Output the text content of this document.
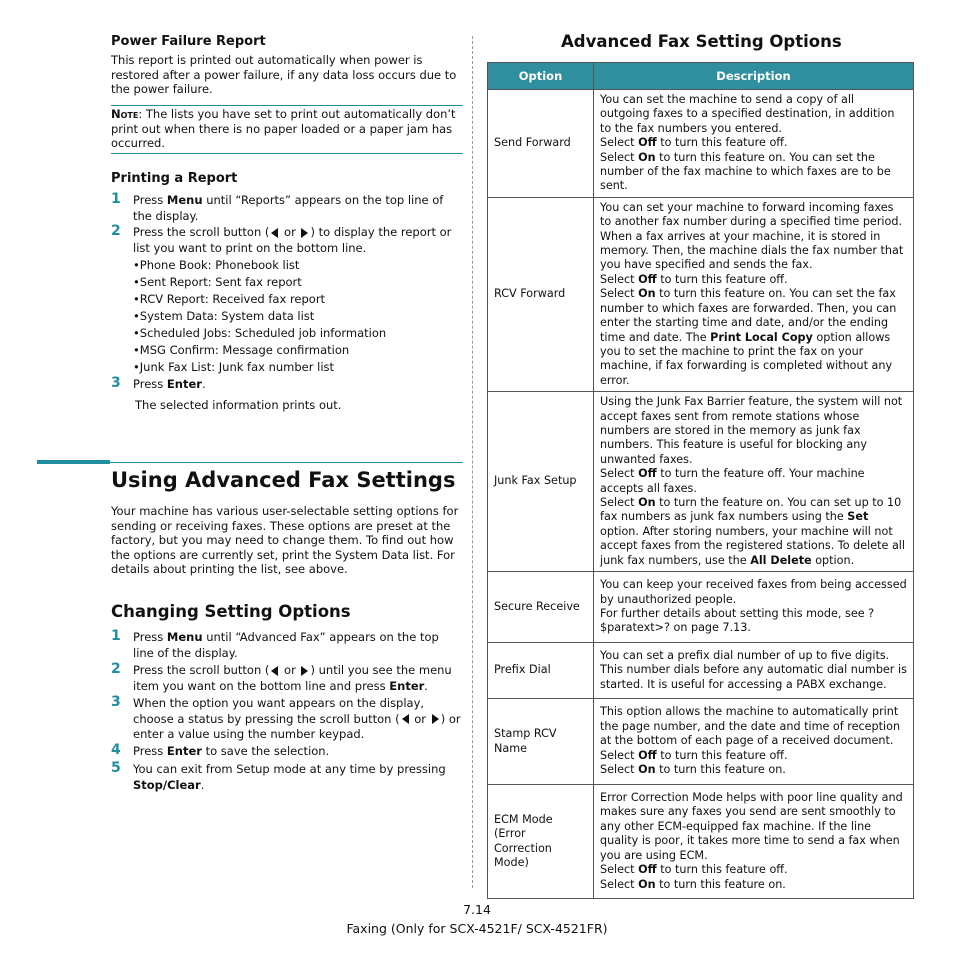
Power Failure Report
This report is printed out automatically when power is restored after a power failure, if any data loss occurs due to the power failure.
Note: The lists you have set to print out automatically don’t print out when there is no paper loaded or a paper jam has occurred.
Printing a Report
1 Press Menu until “Reports” appears on the top line of the display.
2 Press the scroll button ( or ) to display the report or list you want to print on the bottom line.
•Phone Book: Phonebook list
•Sent Report: Sent fax report
•RCV Report: Received fax report
•System Data: System data list
•Scheduled Jobs: Scheduled job information
•MSG Confirm: Message confirmation
•Junk Fax List: Junk fax number list
3 Press Enter.
The selected information prints out.
Using Advanced Fax Settings
Your machine has various user-selectable setting options for sending or receiving faxes. These options are preset at the factory, but you may need to change them. To find out how the options are currently set, print the System Data list. For details about printing the list, see above.
Changing Setting Options
1 Press Menu until “Advanced Fax” appears on the top line of the display.
2 Press the scroll button ( or ) until you see the menu item you want on the bottom line and press Enter.
3 When the option you want appears on the display, choose a status by pressing the scroll button ( or ) or enter a value using the number keypad.
4 Press Enter to save the selection.
5 You can exit from Setup mode at any time by pressing Stop/Clear.
Advanced Fax Setting Options
Option	Description
Send Forward	You can set the machine to send a copy of all outgoing faxes to a specified destination, in addition to the fax numbers you entered.
Select Off to turn this feature off.
Select On to turn this feature on. You can set the number of the fax machine to which faxes are to be sent.
RCV Forward	You can set your machine to forward incoming faxes to another fax number during a specified time period. When a fax arrives at your machine, it is stored in memory. Then, the machine dials the fax number that you have specified and sends the fax.
Select Off to turn this feature off.
Select On to turn this feature on. You can set the fax number to which faxes are forwarded. Then, you can enter the starting time and date, and/or the ending time and date. The Print Local Copy option allows you to set the machine to print the fax on your machine, if fax forwarding is completed without any error.
Junk Fax Setup	Using the Junk Fax Barrier feature, the system will not accept faxes sent from remote stations whose numbers are stored in the memory as junk fax numbers. This feature is useful for blocking any unwanted faxes.
Select Off to turn the feature off. Your machine accepts all faxes.
Select On to turn the feature on. You can set up to 10 fax numbers as junk fax numbers using the Set option. After storing numbers, your machine will not accept faxes from the registered stations. To delete all junk fax numbers, use the All Delete option.
Secure Receive	You can keep your received faxes from being accessed by unauthorized people.
For further details about setting this mode, see ?$paratext>? on page 7.13.
Prefix Dial	You can set a prefix dial number of up to five digits. This number dials before any automatic dial number is started. It is useful for accessing a PABX exchange.
Stamp RCV Name	This option allows the machine to automatically print the page number, and the date and time of reception at the bottom of each page of a received document.
Select Off to turn this feature off.
Select On to turn this feature on.
ECM Mode (Error Correction Mode)	Error Correction Mode helps with poor line quality and makes sure any faxes you send are sent smoothly to any other ECM-equipped fax machine. If the line quality is poor, it takes more time to send a fax when you are using ECM.
Select Off to turn this feature off.
Select On to turn this feature on.
7.14
Faxing (Only for SCX-4521F/ SCX-4521FR)
